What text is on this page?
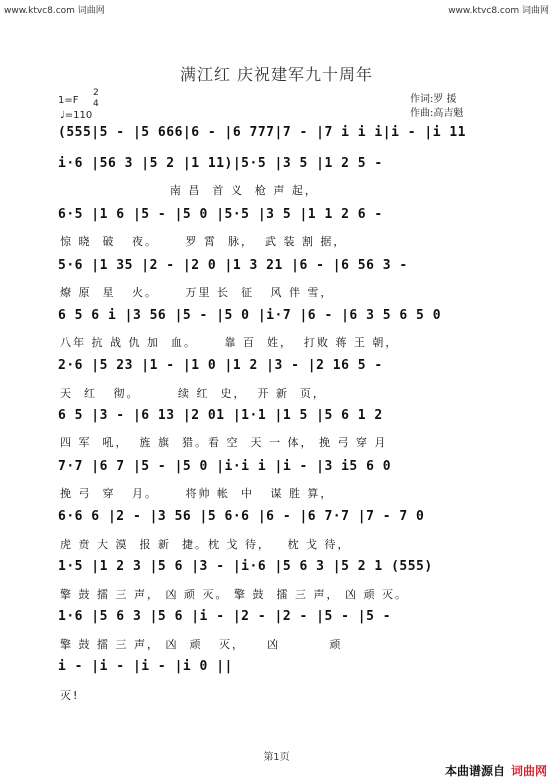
www.ktvc8.com 词曲网	www.ktvc8.com 词曲网
满江红 庆祝建军九十周年
1=F
2
4
♩=110
作词:罗 援
作曲:高吉魁
(555|5 - |5 666|6 - |6 777|7 - |7 i i i|i - |i 11
i·6 |56 3 |5 2 |1 11)|5·5 |3 5 |1 2 5 -
南 昌  首 义  枪 声 起，
6·5 |1 6 |5 - |5 0 |5·5 |3 5 |1 1 2 6 -
惊 晓  破   夜。     罗 霄  脉，  武 装 割 据，
5·6 |1 35 |2 - |2 0 |1 3 21 |6 - |6 56 3 -
燎 原  星   火。     万里 长  征   风 伴 雪，
6 5 6 i |3 56 |5 - |5 0 |i·7 |6 - |6 3 5 6 5 0
八年 抗 战 仇 加  血。     靠 百  姓，  打败 蒋 王 朝，
2·6 |5 23 |1 - |1 0 |1 2 |3 - |2 16 5 -
天  红   彻。       续 红  史，  开 新  页，
6 5 |3 - |6 13 |2 01 |1·1 |1 5 |5 6 1 2
四 军  吼，  旌 旗  猎。看 空  天 一 体， 挽 弓 穿 月
7·7 |6 7 |5 - |5 0 |i·i i |i - |3 i5 6 0
挽 弓  穿   月。     将帅 帐  中   谋 胜 算，
6·6 6 |2 - |3 56 |5 6·6 |6 - |6 7·7 |7 - 7 0
虎 贲 大 漠  报 新  捷。枕 戈 待，   枕 戈 待，
1·5 |1 2 3 |5 6 |3 - |i·6 |5 6 3 |5 2 1 (555)
擎 鼓 擂 三 声， 凶 顽 灭。 擎 鼓  擂 三 声， 凶 顽 灭。
1·6 |5 6 3 |5 6 |i - |2 - |2 - |5 - |5 -
擎 鼓 擂 三 声， 凶  顽   灭，    凶         顽
i - |i - |i - |i 0 ||
灭!
第1页
本曲谱源自 词曲网
